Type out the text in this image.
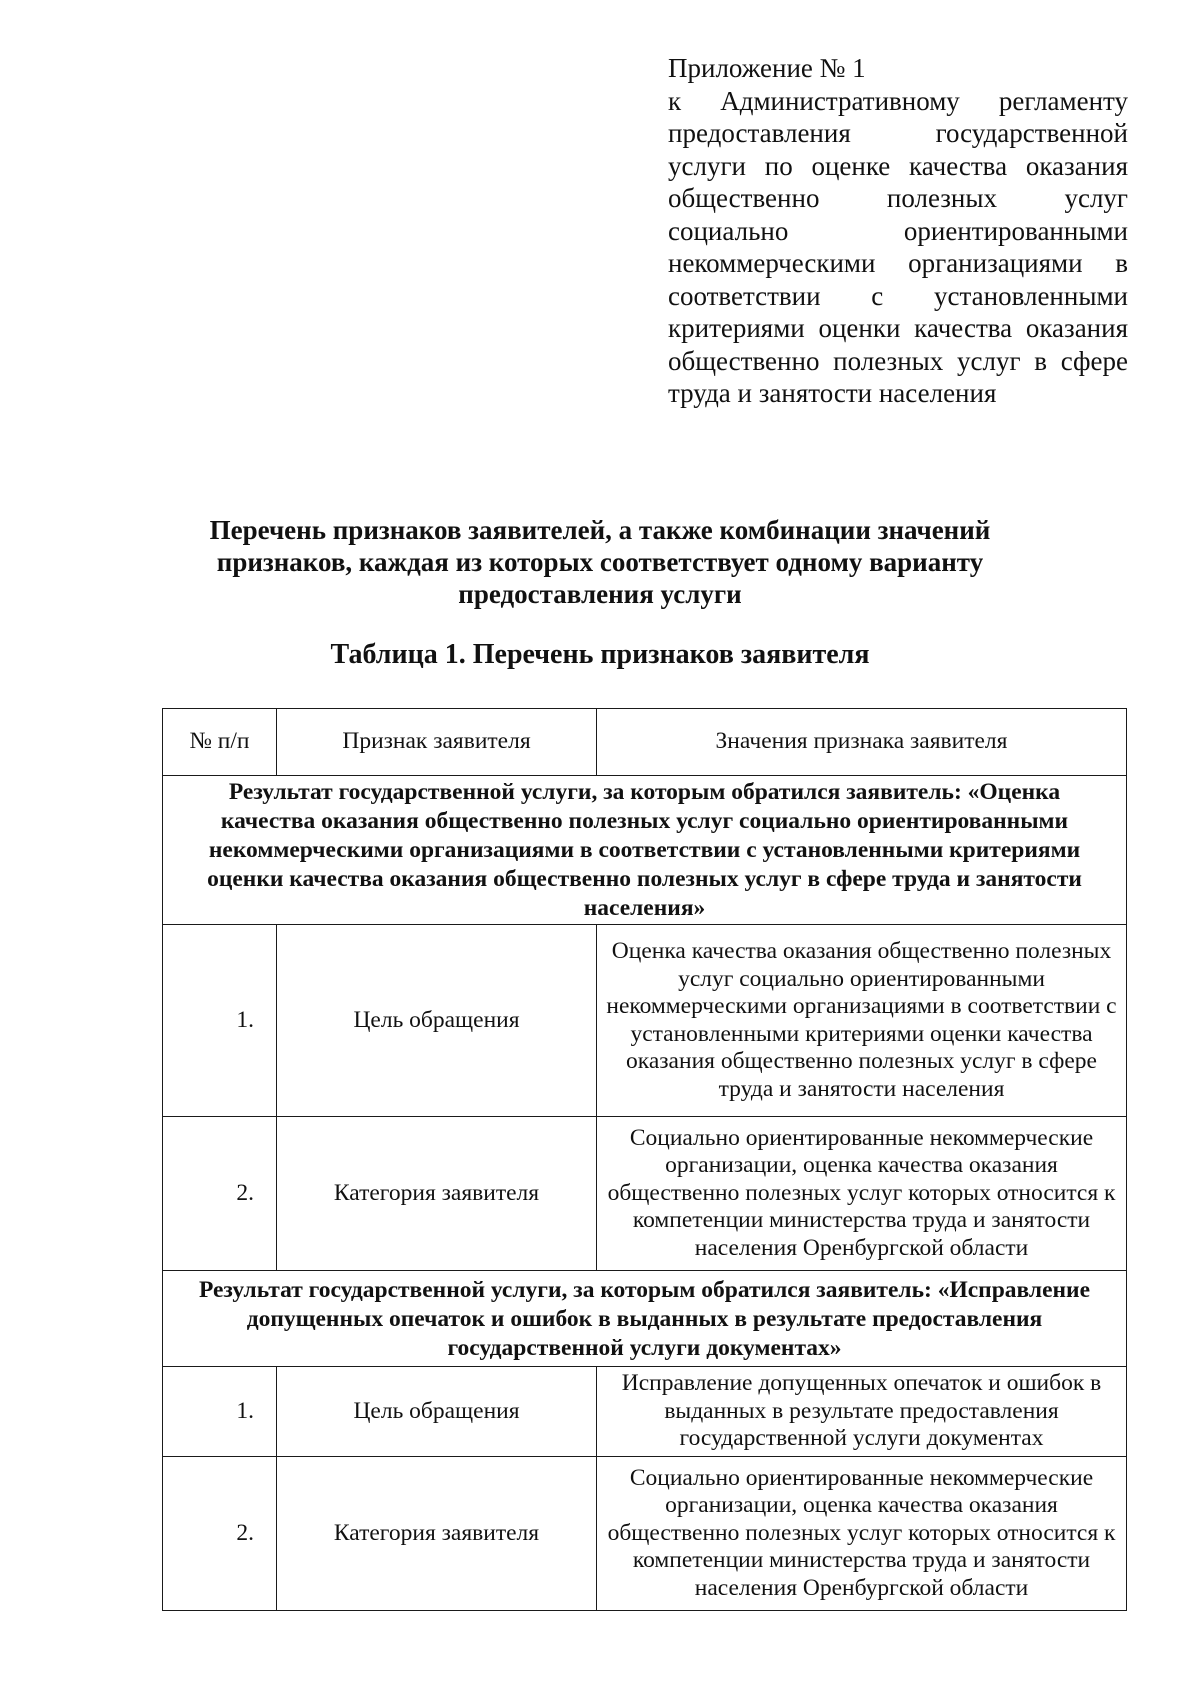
Приложение № 1

к Административному регламенту предоставления государственной услуги по оценке качества оказания общественно полезных услуг социально ориентированными некоммерческими организациями в соответствии с установленными критериями оценки качества оказания общественно полезных услуг в сфере труда и занятости населения

Перечень признаков заявителей, а также комбинации значений признаков, каждая из которых соответствует одному варианту предоставления услуги
Таблица 1. Перечень признаков заявителя
№ п/п	Признак заявителя	Значения признака заявителя
Результат государственной услуги, за которым обратился заявитель: «Оценка качества оказания общественно полезных услуг социально ориентированными некоммерческими организациями в соответствии с установленными критериями оценки качества оказания общественно полезных услуг в сфере труда и занятости населения»		
1.	Цель обращения	Оценка качества оказания общественно полезных услуг социально ориентированными некоммерческими организациями в соответствии с установленными критериями оценки качества оказания общественно полезных услуг в сфере труда и занятости населения
2.	Категория заявителя	Социально ориентированные некоммерческие организации, оценка качества оказания общественно полезных услуг которых относится к компетенции министерства труда и занятости населения Оренбургской области
Результат государственной услуги, за которым обратился заявитель: «Исправление допущенных опечаток и ошибок в выданных в результате предоставления государственной услуги документах»		
1.	Цель обращения	Исправление допущенных опечаток и ошибок в выданных в результате предоставления государственной услуги документах
2.	Категория заявителя	Социально ориентированные некоммерческие организации, оценка качества оказания общественно полезных услуг которых относится к компетенции министерства труда и занятости населения Оренбургской области
